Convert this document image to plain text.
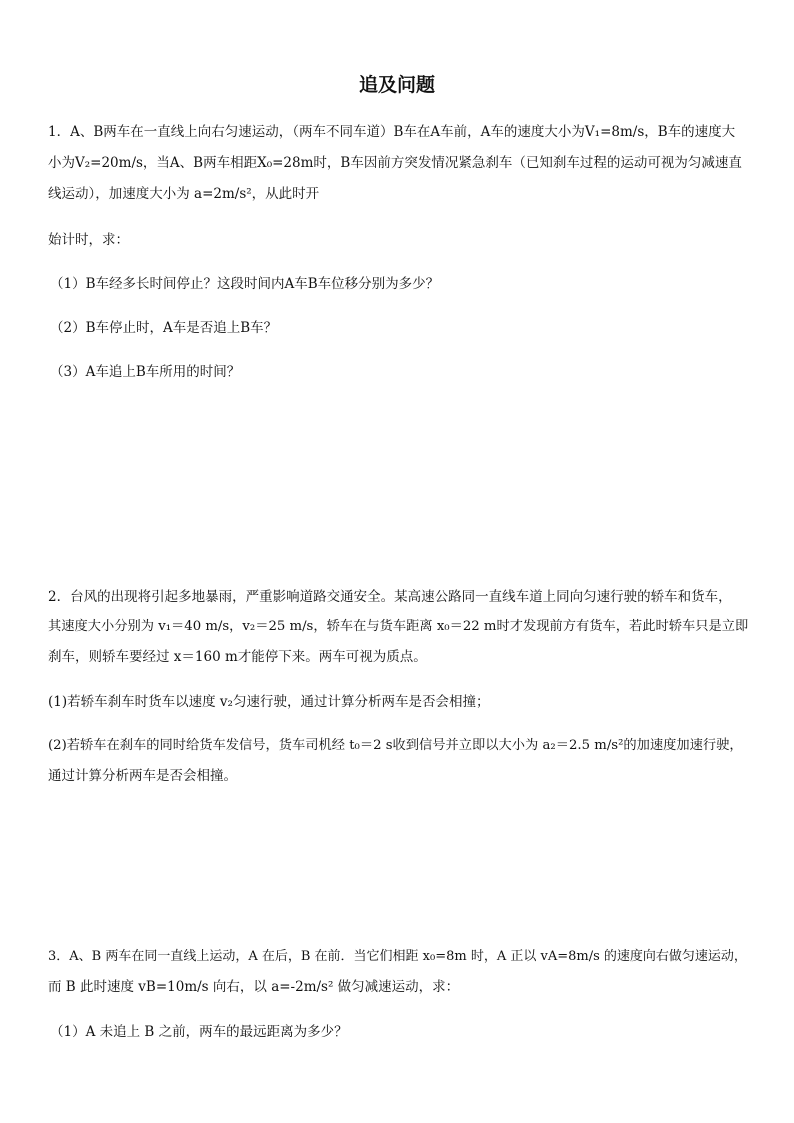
追及问题
1．A、B两车在一直线上向右匀速运动，（两车不同车道）B车在A车前，A车的速度大小为V₁=8m/s，B车的速度大
小为V₂=20m/s，当A、B两车相距X₀=28m时，B车因前方突发情况紧急刹车（已知刹车过程的运动可视为匀减速直
线运动），加速度大小为 a=2m/s²，从此时开
始计时，求：
（1）B车经多长时间停止？这段时间内A车B车位移分别为多少？
（2）B车停止时，A车是否追上B车？
（3）A车追上B车所用的时间？
2．台风的出现将引起多地暴雨，严重影响道路交通安全。某高速公路同一直线车道上同向匀速行驶的轿车和货车，
其速度大小分别为 v₁＝40 m/s，v₂＝25 m/s，轿车在与货车距离 x₀＝22 m时才发现前方有货车，若此时轿车只是立即
刹车，则轿车要经过 x＝160 m才能停下来。两车可视为质点。
(1)若轿车刹车时货车以速度 v₂匀速行驶，通过计算分析两车是否会相撞；
(2)若轿车在刹车的同时给货车发信号，货车司机经 t₀＝2 s收到信号并立即以大小为 a₂＝2.5 m/s²的加速度加速行驶，
通过计算分析两车是否会相撞。
3．A、B 两车在同一直线上运动，A 在后，B 在前．当它们相距 x₀=8m 时，A 正以 vA=8m/s 的速度向右做匀速运动，
而 B 此时速度 vB=10m/s 向右，以 a=-2m/s² 做匀减速运动，求：
（1）A 未追上 B 之前，两车的最远距离为多少？
